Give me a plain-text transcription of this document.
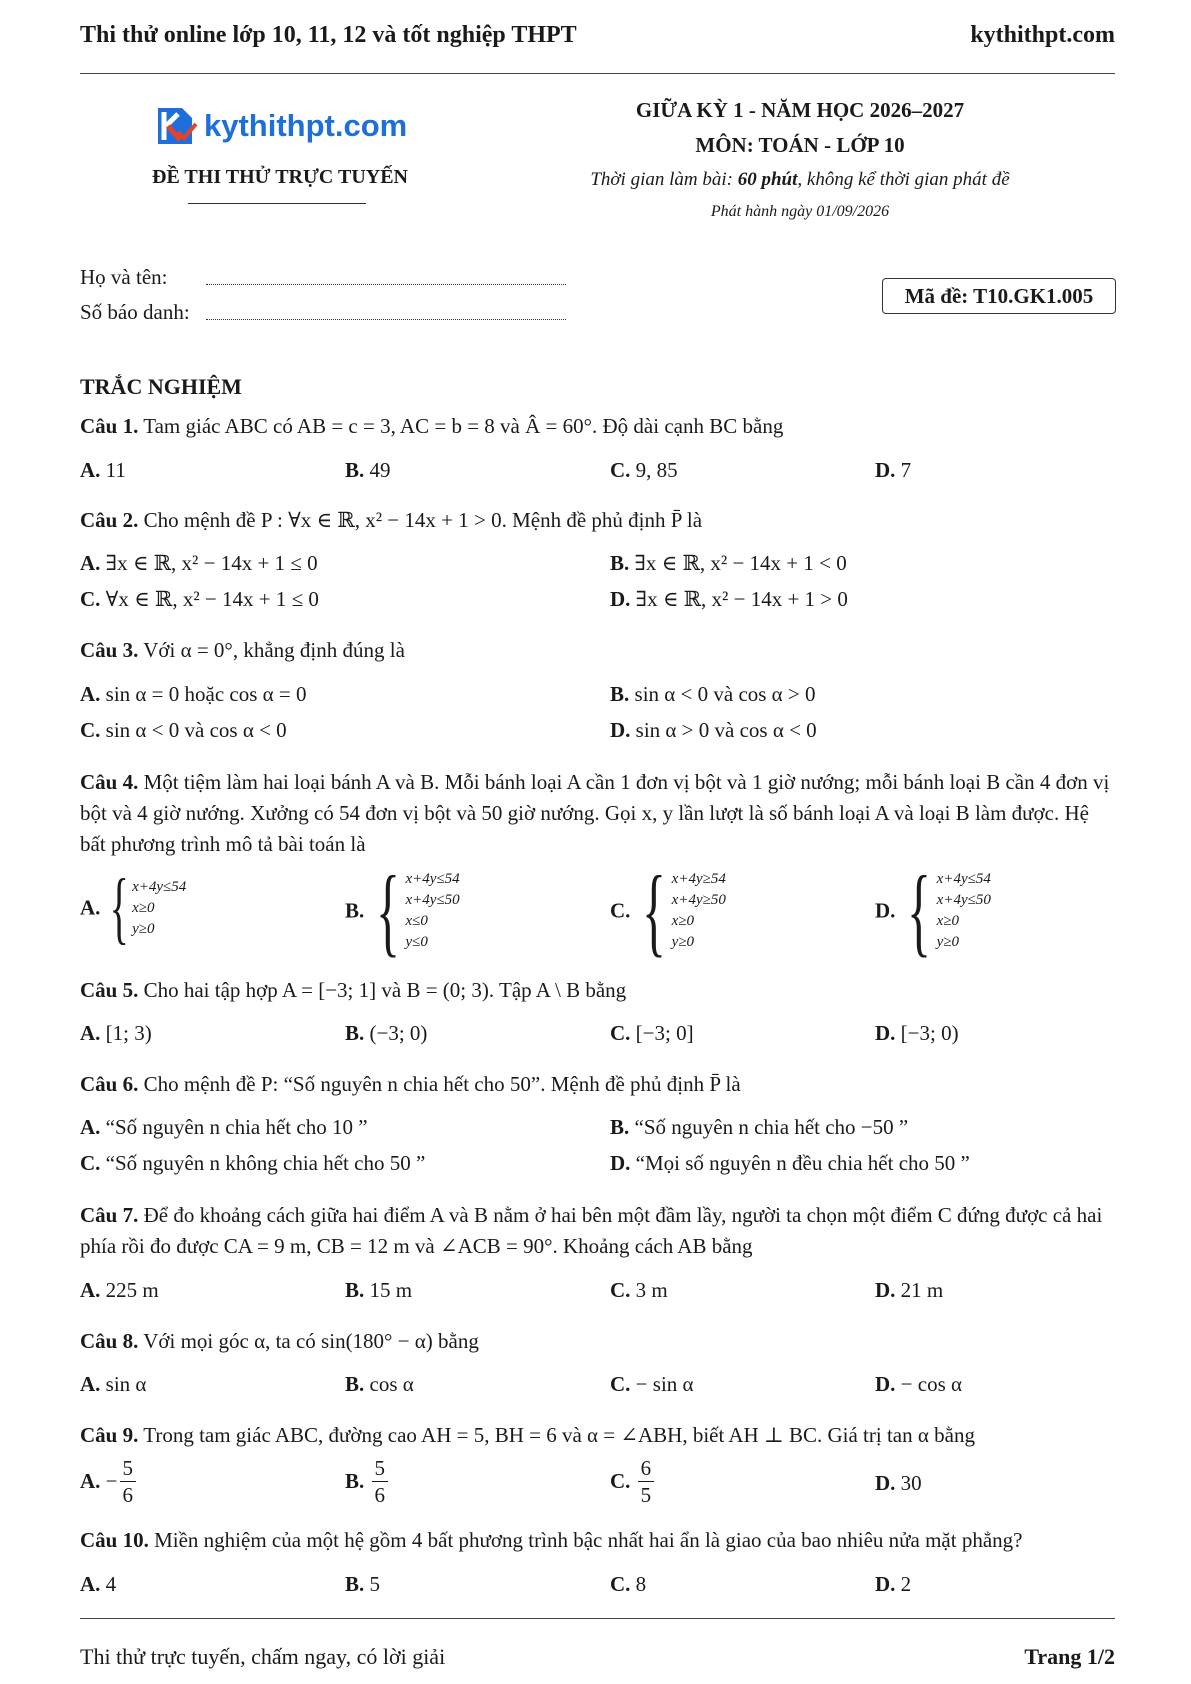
Thi thử online lớp 10, 11, 12 và tốt nghiệp THPT	kythithpt.com
kythithpt.com
ĐỀ THI THỬ TRỰC TUYẾN
GIỮA KỲ 1 - NĂM HỌC 2026–2027
MÔN: TOÁN - LỚP 10
Thời gian làm bài: 60 phút, không kể thời gian phát đề
Phát hành ngày 01/09/2026
Họ và tên:
Số báo danh:
Mã đề: T10.GK1.005
TRẮC NGHIỆM
Câu 1. Tam giác ABC có AB = c = 3, AC = b = 8 và Â = 60°. Độ dài cạnh BC bằng
A. 11	B. 49	C. 9, 85	D. 7
Câu 2. Cho mệnh đề P : ∀x ∈ ℝ, x² − 14x + 1 > 0. Mệnh đề phủ định P̄ là
A. ∃x ∈ ℝ, x² − 14x + 1 ≤ 0	B. ∃x ∈ ℝ, x² − 14x + 1 < 0
C. ∀x ∈ ℝ, x² − 14x + 1 ≤ 0	D. ∃x ∈ ℝ, x² − 14x + 1 > 0
Câu 3. Với α = 0°, khẳng định đúng là
A. sin α = 0 hoặc cos α = 0	B. sin α < 0 và cos α > 0
C. sin α < 0 và cos α < 0	D. sin α > 0 và cos α < 0
Câu 4. Một tiệm làm hai loại bánh A và B. Mỗi bánh loại A cần 1 đơn vị bột và 1 giờ nướng; mỗi bánh loại B cần 4 đơn vị bột và 4 giờ nướng. Xưởng có 54 đơn vị bột và 50 giờ nướng. Gọi x, y lần lượt là số bánh loại A và loại B làm được. Hệ bất phương trình mô tả bài toán là
A. { x+4y≤54
x≥0
y≥0
B. { x+4y≤54
x+4y≤50
x≤0
y≤0
C. { x+4y≥54
x+4y≥50
x≥0
y≥0
D. { x+4y≤54
x+4y≤50
x≥0
y≥0
Câu 5. Cho hai tập hợp A = [−3; 1] và B = (0; 3). Tập A \ B bằng
A. [1; 3)	B. (−3; 0)	C. [−3; 0]	D. [−3; 0)
Câu 6. Cho mệnh đề P: “Số nguyên n chia hết cho 50”. Mệnh đề phủ định P̄ là
A. “Số nguyên n chia hết cho 10 ”	B. “Số nguyên n chia hết cho −50 ”
C. “Số nguyên n không chia hết cho 50 ”	D. “Mọi số nguyên n đều chia hết cho 50 ”
Câu 7. Để đo khoảng cách giữa hai điểm A và B nằm ở hai bên một đầm lầy, người ta chọn một điểm C đứng được cả hai phía rồi đo được CA = 9 m, CB = 12 m và ∠ACB = 90°. Khoảng cách AB bằng
A. 225 m	B. 15 m	C. 3 m	D. 21 m
Câu 8. Với mọi góc α, ta có sin(180° − α) bằng
A. sin α	B. cos α	C. − sin α	D. − cos α
Câu 9. Trong tam giác ABC, đường cao AH = 5, BH = 6 và α = ∠ABH, biết AH ⊥ BC. Giá trị tan α bằng
A. − $\frac{5}{6}$	B. $\frac{5}{6}$	C. $\frac{6}{5}$	D. 30
Câu 10. Miền nghiệm của một hệ gồm 4 bất phương trình bậc nhất hai ẩn là giao của bao nhiêu nửa mặt phẳng?
A. 4	B. 5	C. 8	D. 2
Thi thử trực tuyến, chấm ngay, có lời giải	Trang 1/2
